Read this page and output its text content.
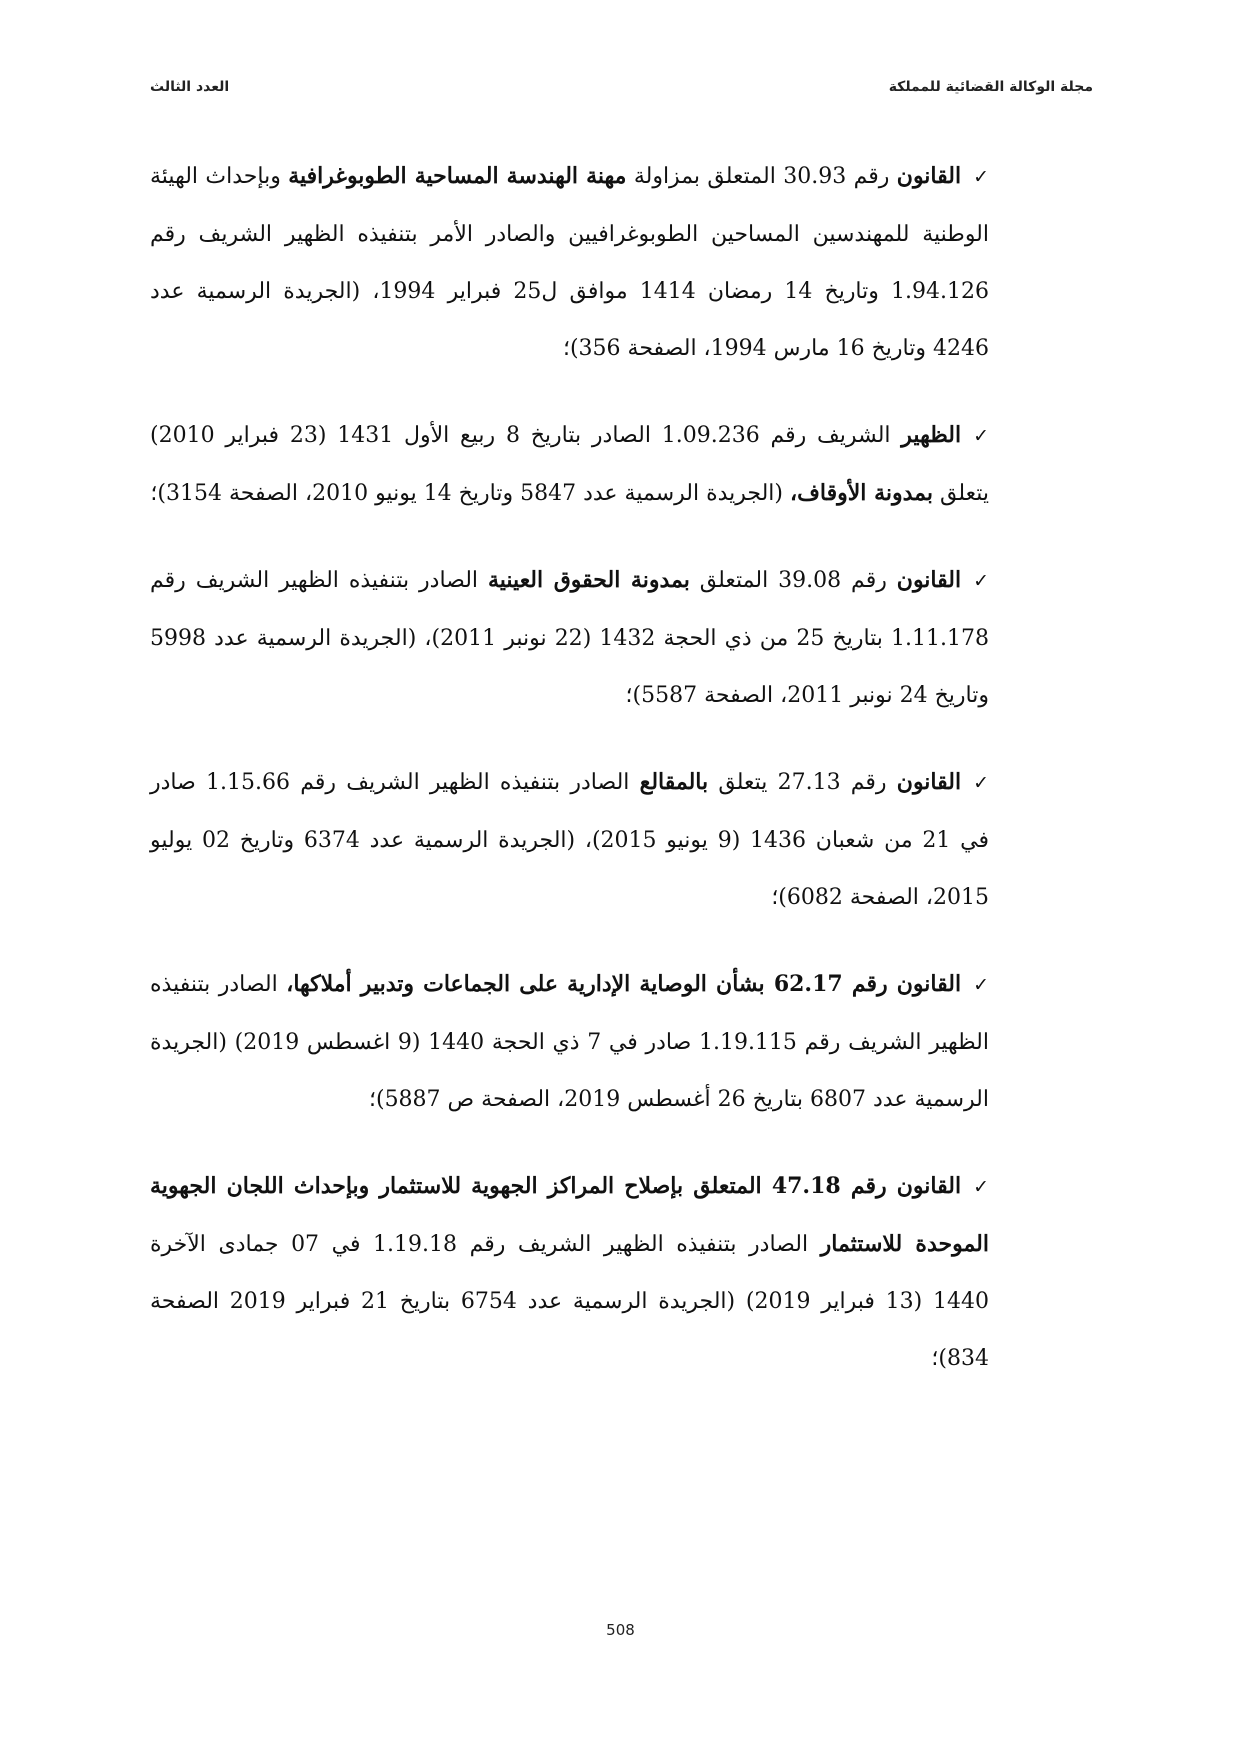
مجلة الوكالة القضائية للمملكة
العدد الثالث

✓القانون رقم 30.93 المتعلق بمزاولة مهنة الهندسة المساحية الطوبوغرافية وبإحداث الهيئة الوطنية للمهندسين المساحين الطوبوغرافيين والصادر الأمر بتنفيذه الظهير الشريف رقم 1.94.126 وتاريخ 14 رمضان 1414 موافق ل25 فبراير 1994، (الجريدة الرسمية عدد 4246 وتاريخ 16 مارس 1994، الصفحة 356)؛

✓الظهير الشريف رقم 1.09.236 الصادر بتاريخ 8 ربيع الأول 1431 (23 فبراير 2010) يتعلق بمدونة الأوقاف، (الجريدة الرسمية عدد 5847 وتاريخ 14 يونيو 2010، الصفحة 3154)؛

✓القانون رقم 39.08 المتعلق بمدونة الحقوق العينية الصادر بتنفيذه الظهير الشريف رقم 1.11.178 بتاريخ 25 من ذي الحجة 1432 (22 نونبر 2011)، (الجريدة الرسمية عدد 5998 وتاريخ 24 نونبر 2011، الصفحة 5587)؛

✓القانون رقم 27.13 يتعلق بالمقالع الصادر بتنفيذه الظهير الشريف رقم 1.15.66 صادر في 21 من شعبان 1436 (9 يونيو 2015)، (الجريدة الرسمية عدد 6374 وتاريخ 02 يوليو 2015، الصفحة 6082)؛

✓القانون رقم 62.17 بشأن الوصاية الإدارية على الجماعات وتدبير أملاكها، الصادر بتنفيذه الظهير الشريف رقم 1.19.115 صادر في 7 ذي الحجة 1440 (9 اغسطس 2019) (الجريدة الرسمية عدد 6807 بتاريخ 26 أغسطس 2019، الصفحة ص 5887)؛

✓القانون رقم 47.18 المتعلق بإصلاح المراكز الجهوية للاستثمار وبإحداث اللجان الجهوية الموحدة للاستثمار الصادر بتنفيذه الظهير الشريف رقم 1.19.18 في 07 جمادى الآخرة 1440 (13 فبراير 2019) (الجريدة الرسمية عدد 6754 بتاريخ 21 فبراير 2019 الصفحة 834)؛

508
